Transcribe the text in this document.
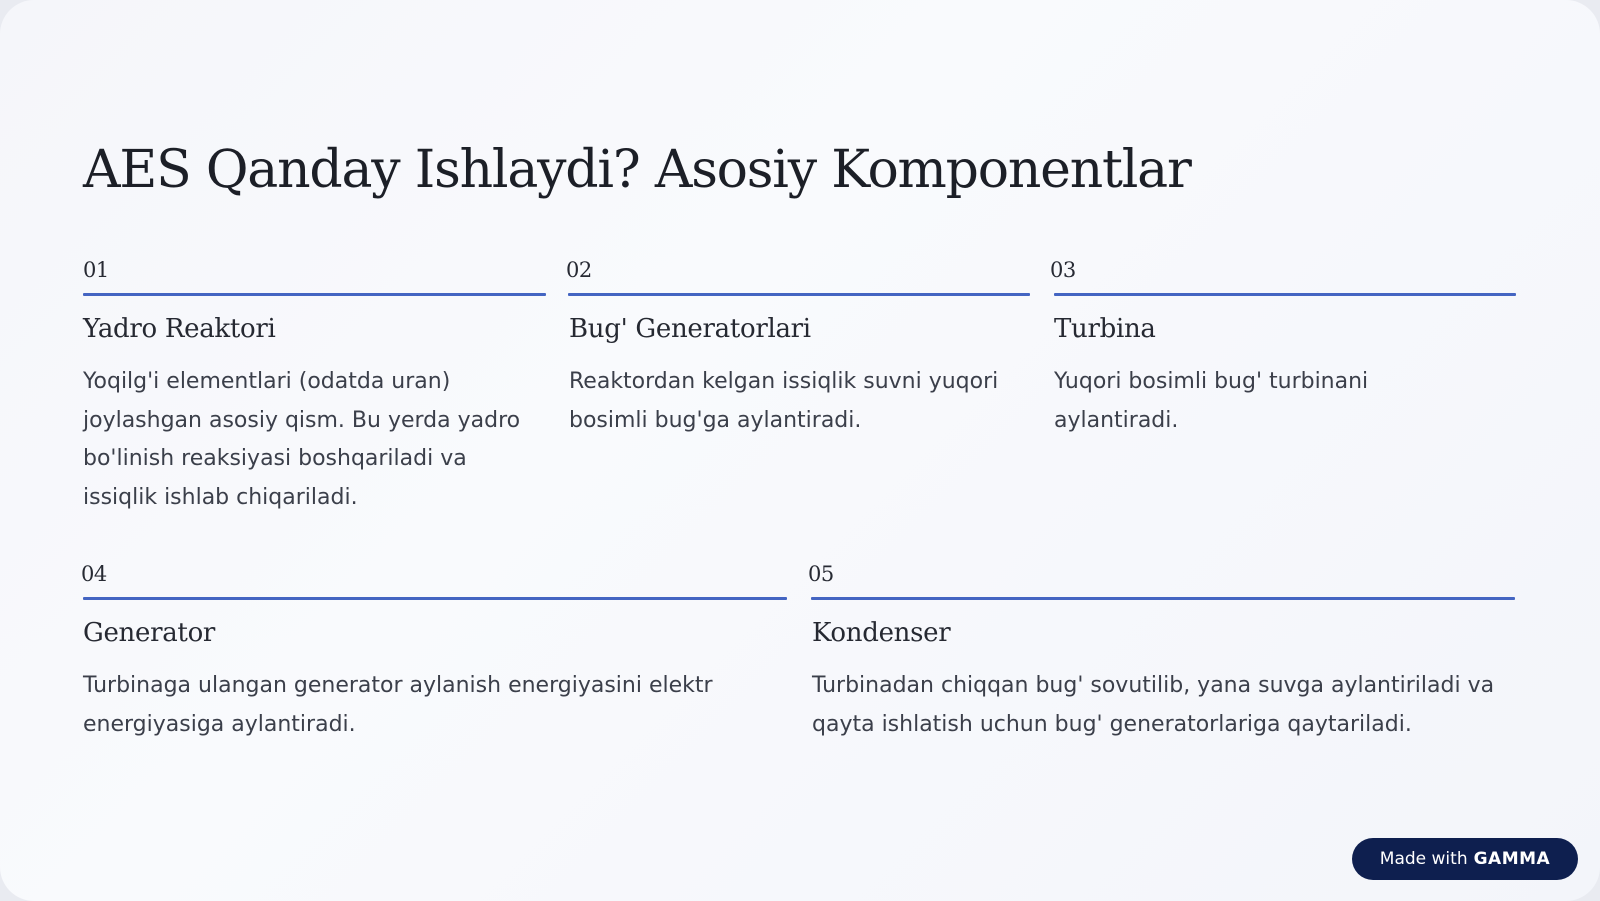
AES Qanday Ishlaydi? Asosiy Komponentlar
01
Yadro Reaktori

Yoqilg'i elementlari (odatda uran) joylashgan asosiy qism. Bu yerda yadro bo'linish reaksiyasi boshqariladi va issiqlik ishlab chiqariladi.

02
Bug' Generatorlari

Reaktordan kelgan issiqlik suvni yuqori bosimli bug'ga aylantiradi.

03
Turbina

Yuqori bosimli bug' turbinani aylantiradi.

04
Generator

Turbinaga ulangan generator aylanish energiyasini elektr energiyasiga aylantiradi.

05
Kondenser

Turbinadan chiqqan bug' sovutilib, yana suvga aylantiriladi va qayta ishlatish uchun bug' generatorlariga qaytariladi.

Made with GAMMA
